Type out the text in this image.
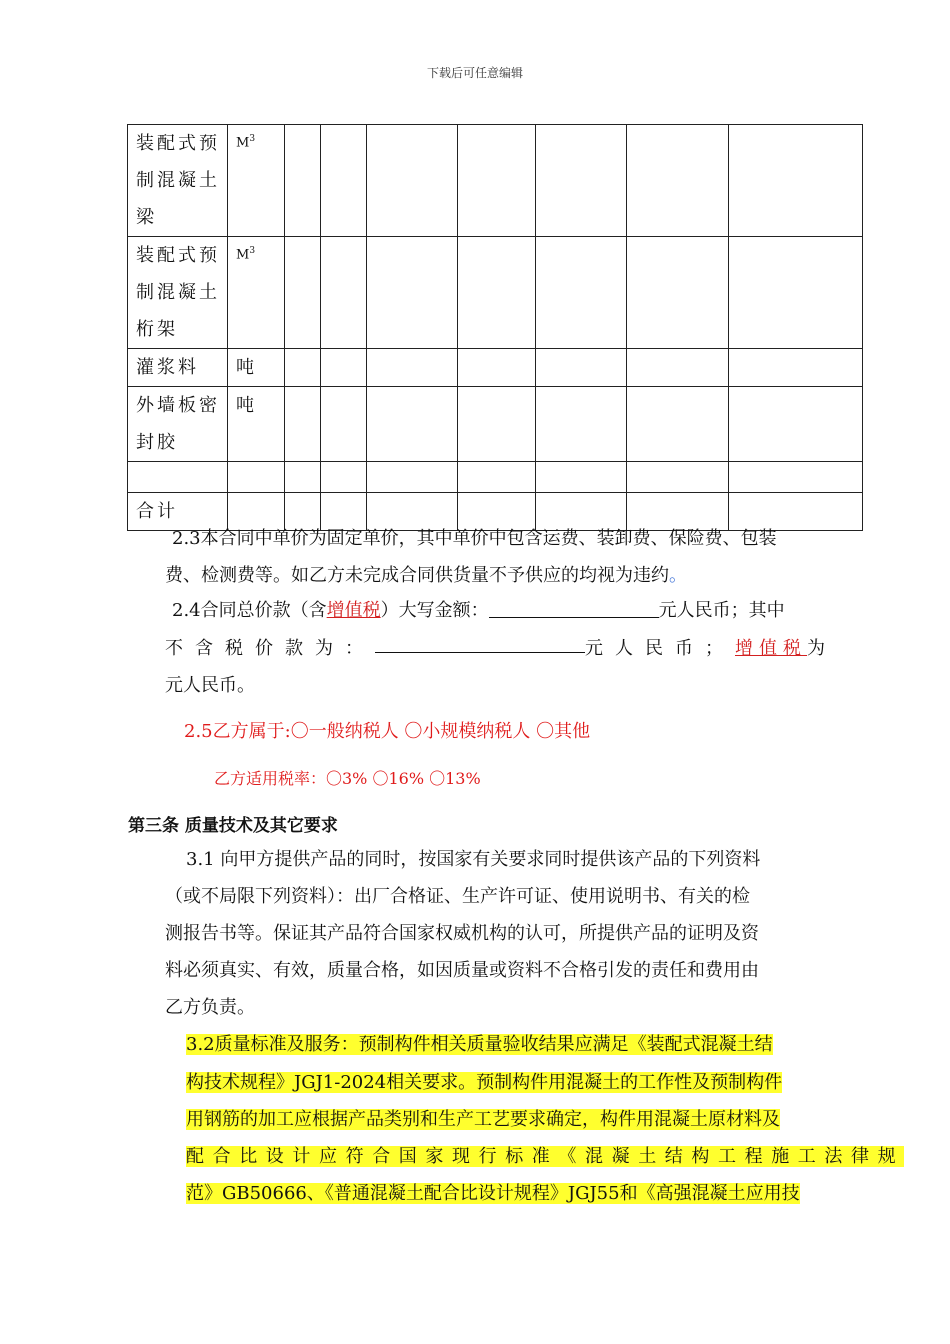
下载后可任意编辑
装配式预
制混凝土
梁	$M^3$							

装配式预
制混凝土
桁架	$M^3$							

灌浆料	吨							

外墙板密
封胶	吨							

合计								

2.3本合同中单价为固定单价，其中单价中包含运费、装卸费、保险费、包装
费、检测费等。如乙方未完成合同供货量不予供应的均视为违约。
2.4合同总价款（含增值税）大写金额：	元人民币；其中
不含税价款为：	元人民币； 增值税为
元人民币。
2.5乙方属于:〇一般纳税人 〇小规模纳税人 〇其他
乙方适用税率：〇3% 〇16% 〇13%
第三条 质量技术及其它要求
3.1 向甲方提供产品的同时，按国家有关要求同时提供该产品的下列资料
（或不局限下列资料）：出厂合格证、生产许可证、使用说明书、有关的检
测报告书等。保证其产品符合国家权威机构的认可，所提供产品的证明及资
料必须真实、有效，质量合格，如因质量或资料不合格引发的责任和费用由
乙方负责。
3.2质量标准及服务：预制构件相关质量验收结果应满足《装配式混凝土结
构技术规程》JGJ1-2024相关要求。预制构件用混凝土的工作性及预制构件
用钢筋的加工应根据产品类别和生产工艺要求确定，构件用混凝土原材料及
配合比设计应符合国家现行标准《混凝土结构工程施工法律规
范》GB50666、《普通混凝土配合比设计规程》JGJ55和《高强混凝土应用技
